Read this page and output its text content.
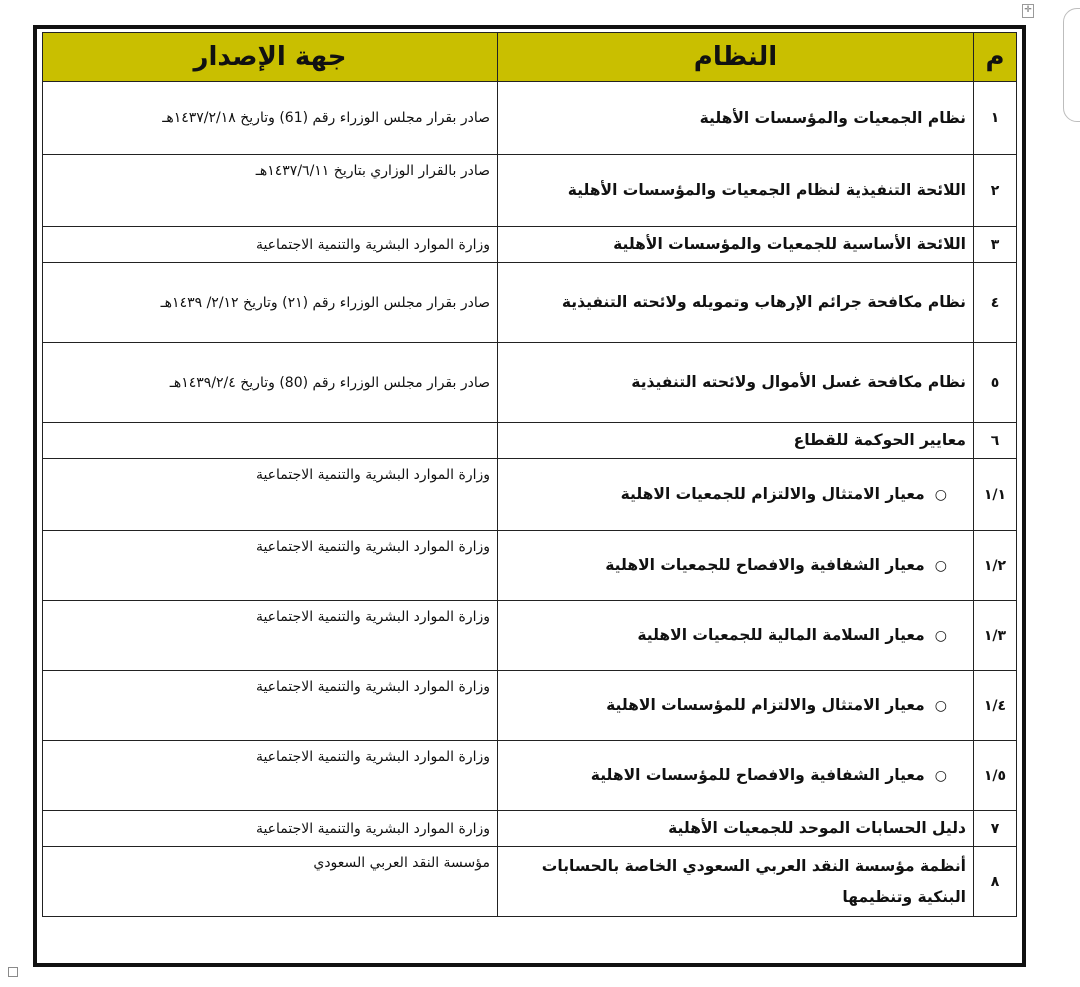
✛
م	النظام	جهة الإصدار
١	نظام الجمعيات والمؤسسات الأهلية	صادر بقرار مجلس الوزراء رقم (61) وتاريخ ١٤٣٧/٢/١٨هـ
٢	اللائحة التنفيذية لنظام الجمعيات والمؤسسات الأهلية	صادر بالقرار الوزاري بتاريخ ١٤٣٧/٦/١١هـ
٣	اللائحة الأساسية للجمعيات والمؤسسات الأهلية	وزارة الموارد البشرية والتنمية الاجتماعية
٤	نظام مكافحة جرائم الإرهاب وتمويله ولائحته التنفيذية	صادر بقرار مجلس الوزراء رقم (٢١) وتاريخ ٢/١٢/ ١٤٣٩هـ
٥	نظام مكافحة غسل الأموال ولائحته التنفيذية	صادر بقرار مجلس الوزراء رقم (80) وتاريخ ١٤٣٩/٢/٤هـ
٦	معايير الحوكمة للقطاع	
١/١	○معيار الامتثال والالتزام للجمعيات الاهلية	وزارة الموارد البشرية والتنمية الاجتماعية
١/٢	○معيار الشفافية والافصاح للجمعيات الاهلية	وزارة الموارد البشرية والتنمية الاجتماعية
١/٣	○معيار السلامة المالية للجمعيات الاهلية	وزارة الموارد البشرية والتنمية الاجتماعية
١/٤	○معيار الامتثال والالتزام للمؤسسات الاهلية	وزارة الموارد البشرية والتنمية الاجتماعية
١/٥	○معيار الشفافية والافصاح للمؤسسات الاهلية	وزارة الموارد البشرية والتنمية الاجتماعية
٧	دليل الحسابات الموحد للجمعيات الأهلية	وزارة الموارد البشرية والتنمية الاجتماعية
٨	أنظمة مؤسسة النقد العربي السعودي الخاصة بالحسابات البنكية وتنظيمها	مؤسسة النقد العربي السعودي
